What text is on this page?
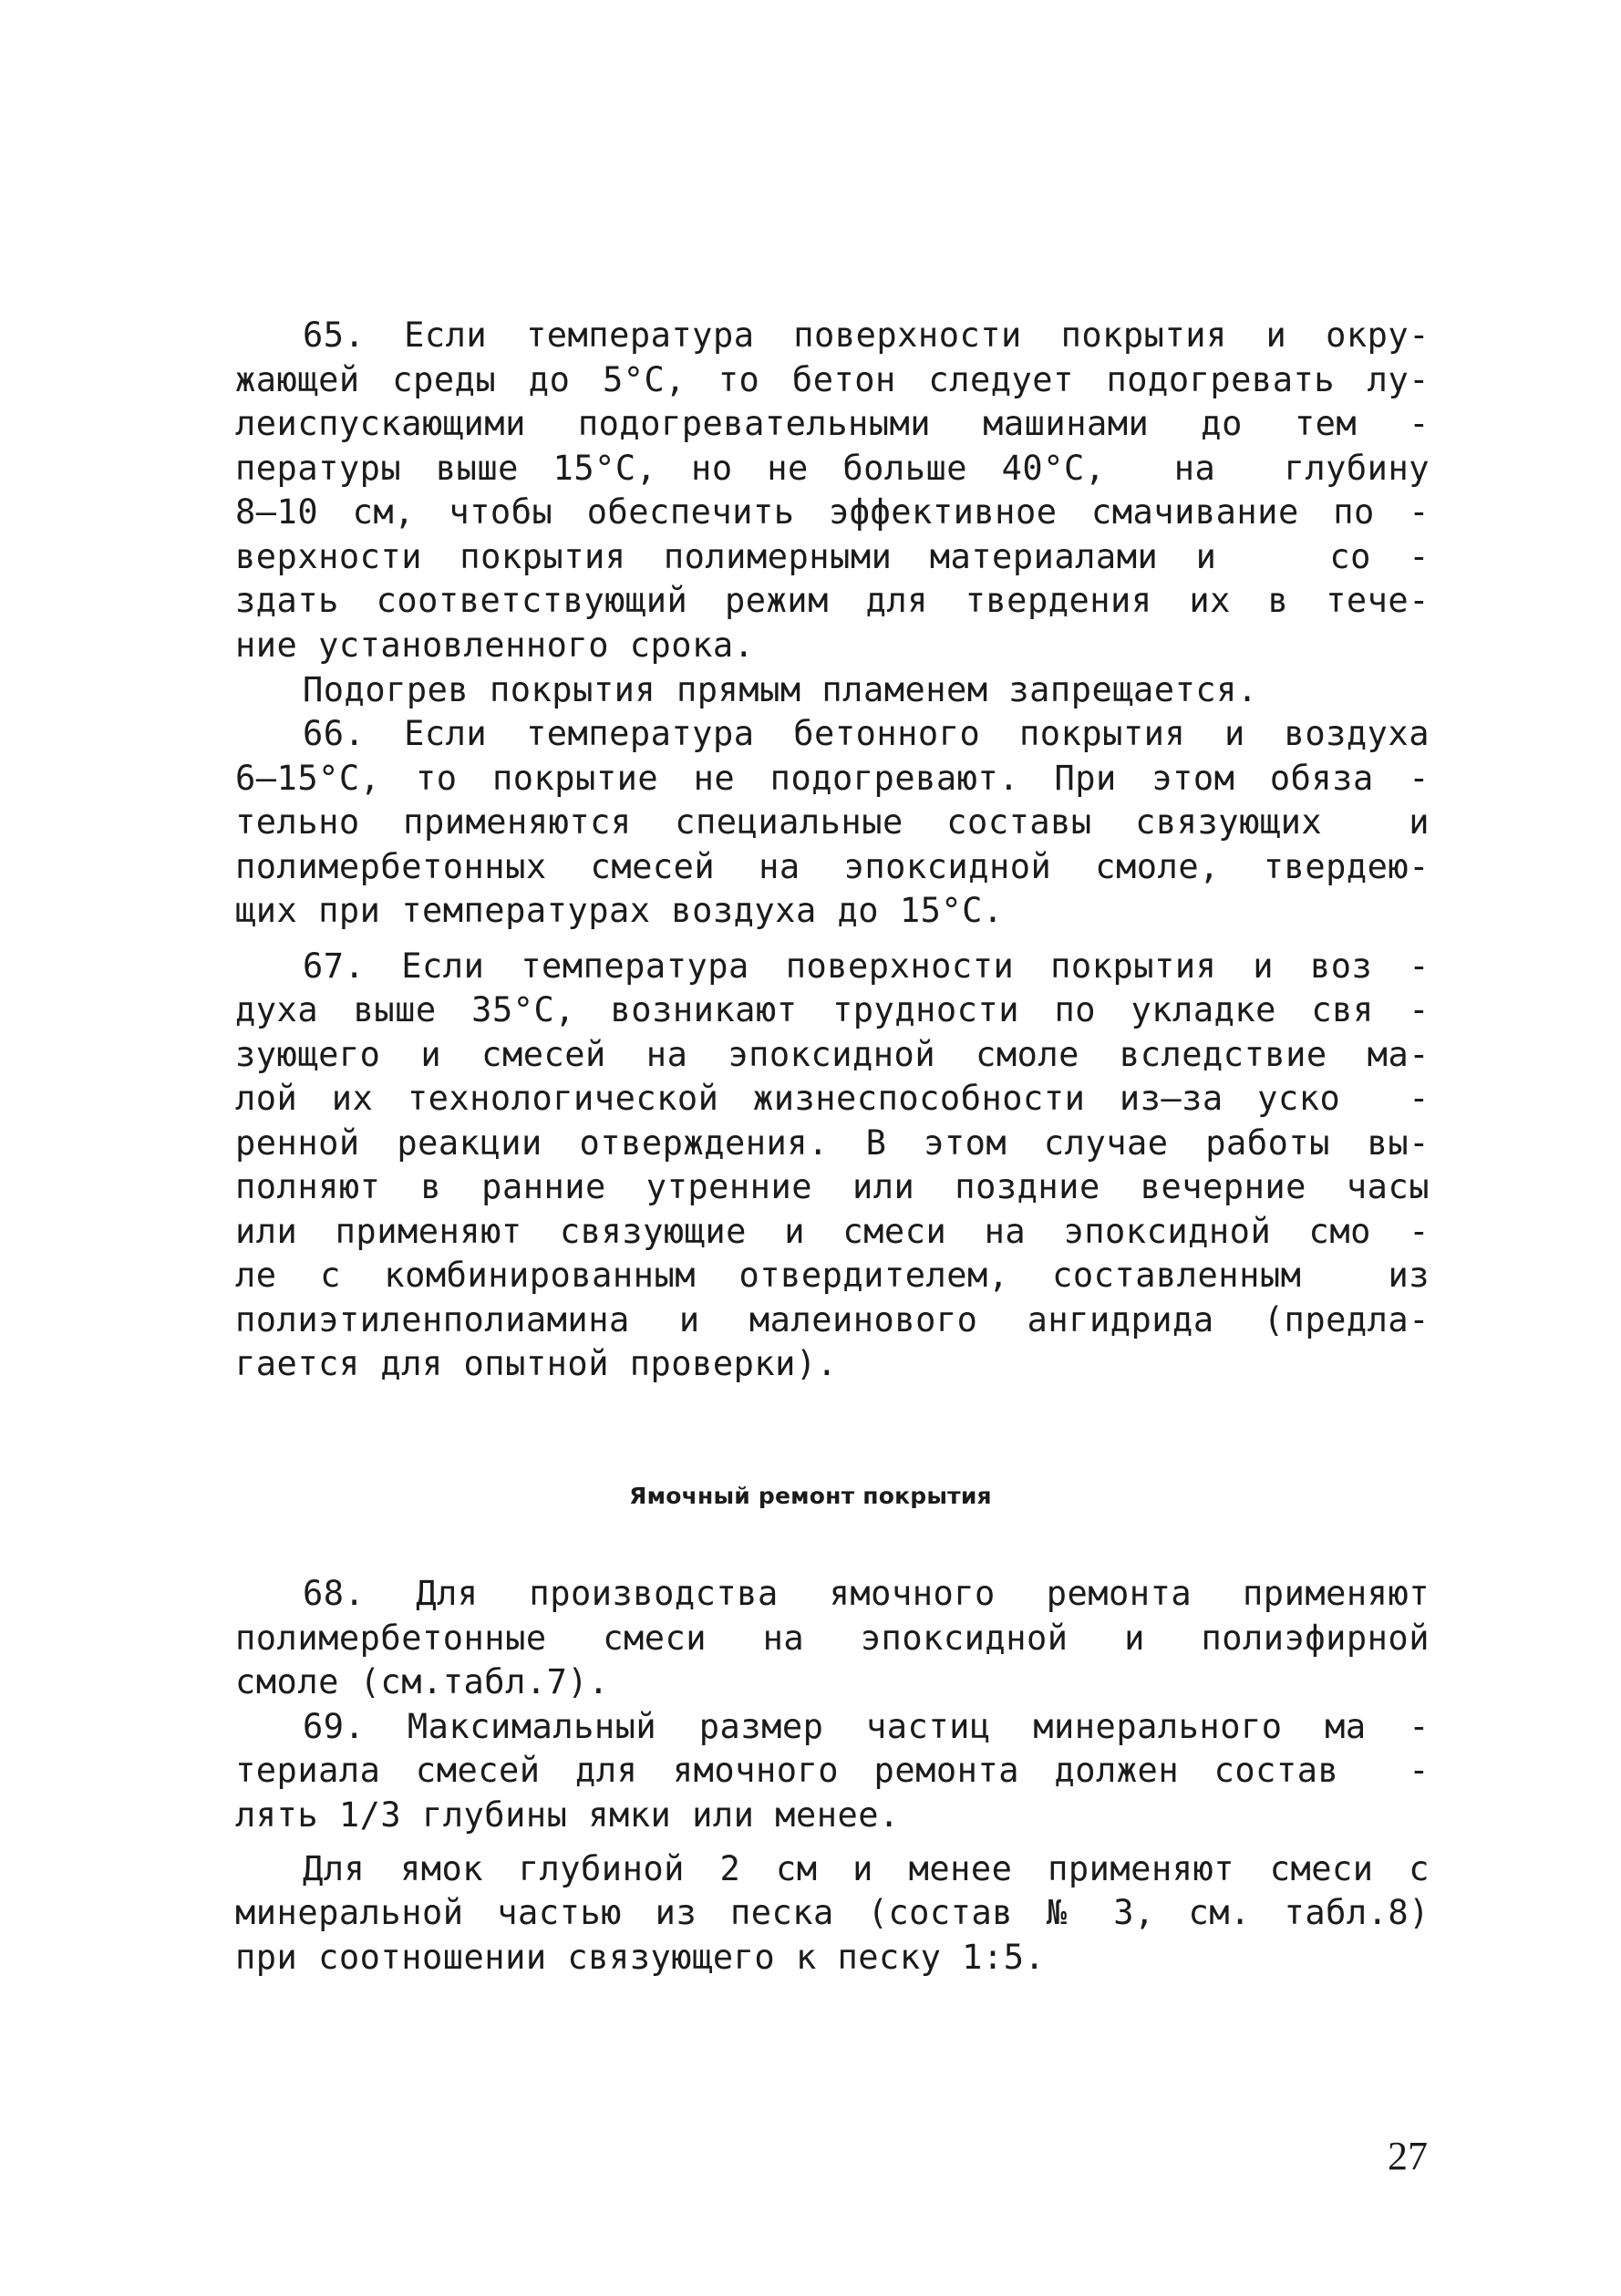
65. Если температура поверхности покрытия и окру-
жающей среды до 5°С, то бетон следует подогревать лу-
леиспускающими подогревательными машинами до тем -
пературы выше 15°С, но не больше 40°С,  на  глубину
8–10 см, чтобы обеспечить эффективное смачивание по -
верхности покрытия полимерными материалами и   со -
здать соответствующий режим для твердения их в тече-
ние установленного срока.
Подогрев покрытия прямым пламенем запрещается.
66. Если температура бетонного покрытия и воздуха
6–15°С, то покрытие не подогревают. При этом обяза -
тельно применяются специальные составы связующих  и
полимербетонных смесей на эпоксидной смоле, твердею-
щих при температурах воздуха до 15°С.
67. Если температура поверхности покрытия и воз -
духа выше 35°С, возникают трудности по укладке свя -
зующего и смесей на эпоксидной смоле вследствие ма-
лой их технологической жизнеспособности из–за уско  -
ренной реакции отверждения. В этом случае работы вы-
полняют в ранние утренние или поздние вечерние часы
или применяют связующие и смеси на эпоксидной смо -
ле с комбинированным отвердителем, составленным  из
полиэтиленполиамина и малеинового ангидрида (предла-
гается для опытной проверки).
Ямочный ремонт покрытия
68. Для производства ямочного ремонта применяют
полимербетонные смеси на эпоксидной и полиэфирной
смоле (см.табл.7).
69. Максимальный размер частиц минерального ма -
териала смесей для ямочного ремонта должен состав  -
лять 1/3 глубины ямки или менее.
Для ямок глубиной 2 см и менее применяют смеси с
минеральной частью из песка (состав № 3, см. табл.8)
при соотношении связующего к песку 1:5.
27
